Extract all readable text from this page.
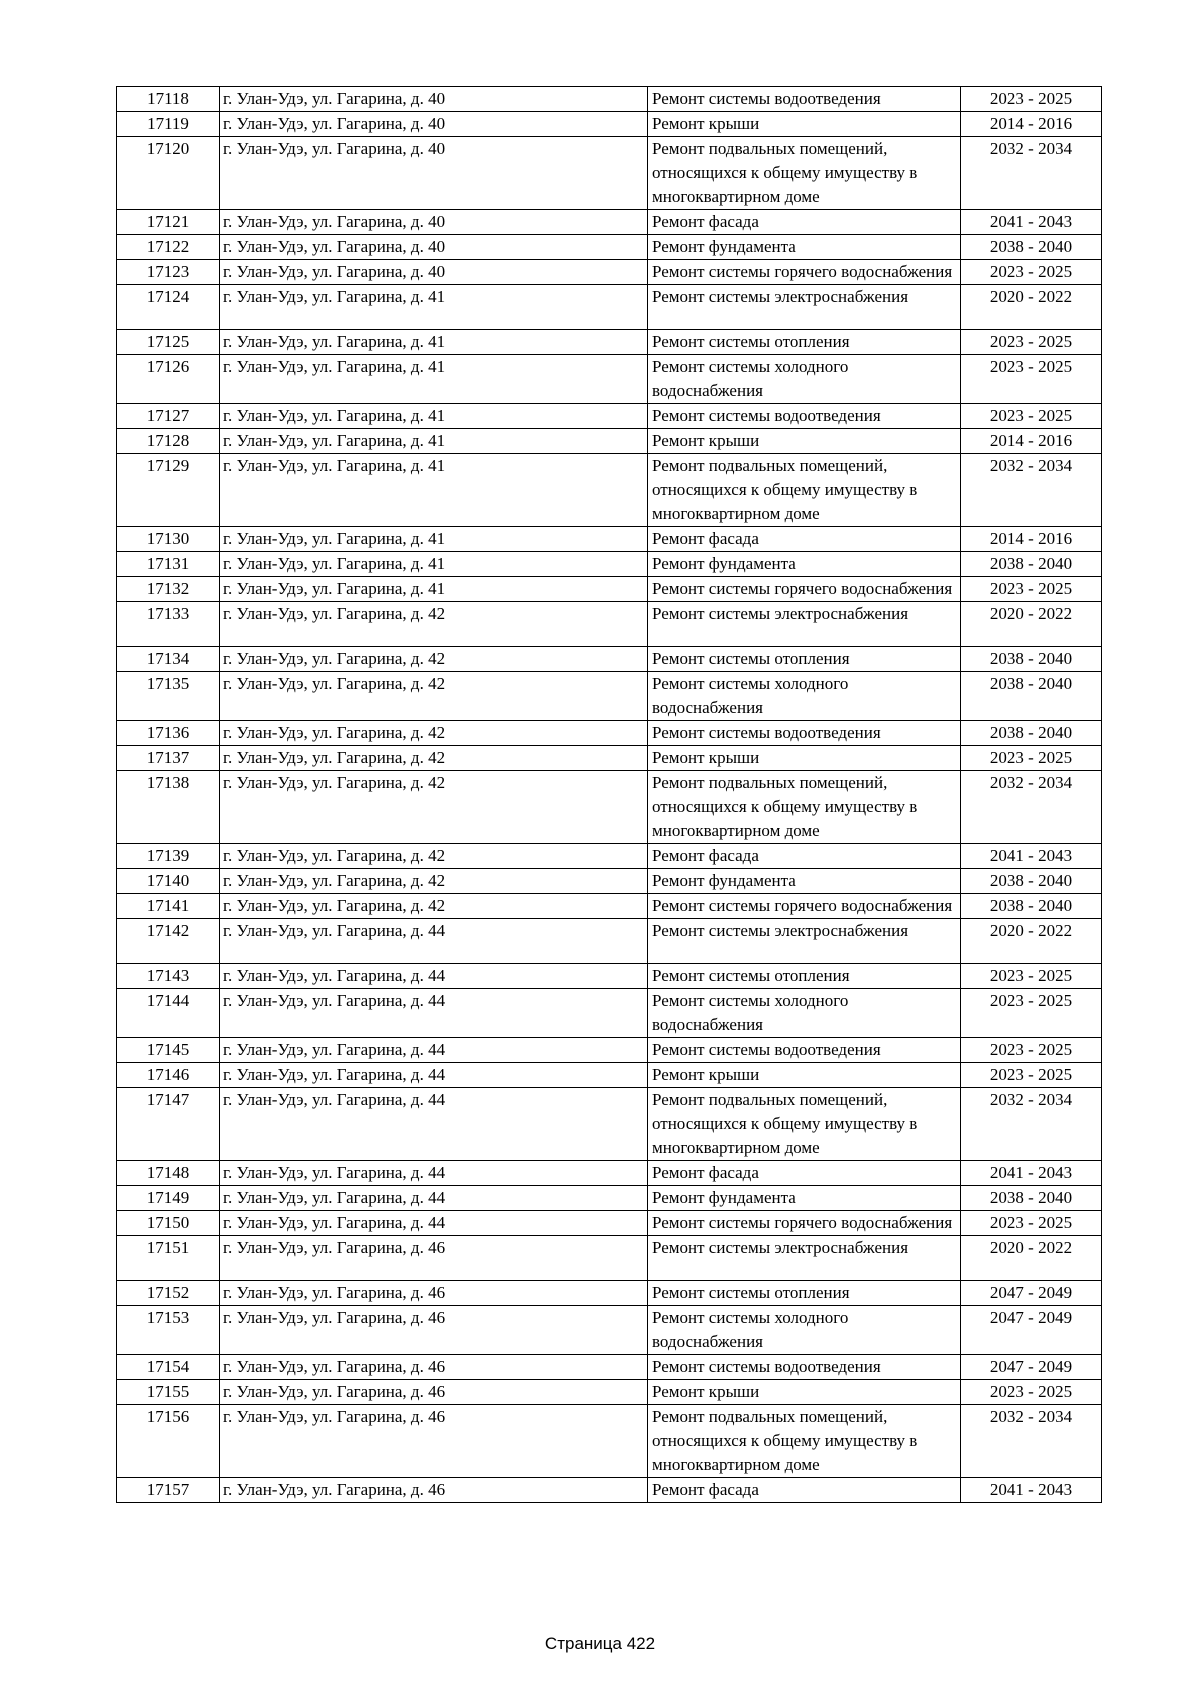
17118	г. Улан-Удэ, ул. Гагарина, д. 40	Ремонт системы водоотведения	2023 - 2025
17119	г. Улан-Удэ, ул. Гагарина, д. 40	Ремонт крыши	2014 - 2016
17120	г. Улан-Удэ, ул. Гагарина, д. 40	Ремонт подвальных помещений, относящихся к общему имуществу в многоквартирном доме	2032 - 2034
17121	г. Улан-Удэ, ул. Гагарина, д. 40	Ремонт фасада	2041 - 2043
17122	г. Улан-Удэ, ул. Гагарина, д. 40	Ремонт фундамента	2038 - 2040
17123	г. Улан-Удэ, ул. Гагарина, д. 40	Ремонт системы горячего водоснабжения	2023 - 2025
17124	г. Улан-Удэ, ул. Гагарина, д. 41	Ремонт системы электроснабжения	2020 - 2022
17125	г. Улан-Удэ, ул. Гагарина, д. 41	Ремонт системы отопления	2023 - 2025
17126	г. Улан-Удэ, ул. Гагарина, д. 41	Ремонт системы холодного водоснабжения	2023 - 2025
17127	г. Улан-Удэ, ул. Гагарина, д. 41	Ремонт системы водоотведения	2023 - 2025
17128	г. Улан-Удэ, ул. Гагарина, д. 41	Ремонт крыши	2014 - 2016
17129	г. Улан-Удэ, ул. Гагарина, д. 41	Ремонт подвальных помещений, относящихся к общему имуществу в многоквартирном доме	2032 - 2034
17130	г. Улан-Удэ, ул. Гагарина, д. 41	Ремонт фасада	2014 - 2016
17131	г. Улан-Удэ, ул. Гагарина, д. 41	Ремонт фундамента	2038 - 2040
17132	г. Улан-Удэ, ул. Гагарина, д. 41	Ремонт системы горячего водоснабжения	2023 - 2025
17133	г. Улан-Удэ, ул. Гагарина, д. 42	Ремонт системы электроснабжения	2020 - 2022
17134	г. Улан-Удэ, ул. Гагарина, д. 42	Ремонт системы отопления	2038 - 2040
17135	г. Улан-Удэ, ул. Гагарина, д. 42	Ремонт системы холодного водоснабжения	2038 - 2040
17136	г. Улан-Удэ, ул. Гагарина, д. 42	Ремонт системы водоотведения	2038 - 2040
17137	г. Улан-Удэ, ул. Гагарина, д. 42	Ремонт крыши	2023 - 2025
17138	г. Улан-Удэ, ул. Гагарина, д. 42	Ремонт подвальных помещений, относящихся к общему имуществу в многоквартирном доме	2032 - 2034
17139	г. Улан-Удэ, ул. Гагарина, д. 42	Ремонт фасада	2041 - 2043
17140	г. Улан-Удэ, ул. Гагарина, д. 42	Ремонт фундамента	2038 - 2040
17141	г. Улан-Удэ, ул. Гагарина, д. 42	Ремонт системы горячего водоснабжения	2038 - 2040
17142	г. Улан-Удэ, ул. Гагарина, д. 44	Ремонт системы электроснабжения	2020 - 2022
17143	г. Улан-Удэ, ул. Гагарина, д. 44	Ремонт системы отопления	2023 - 2025
17144	г. Улан-Удэ, ул. Гагарина, д. 44	Ремонт системы холодного водоснабжения	2023 - 2025
17145	г. Улан-Удэ, ул. Гагарина, д. 44	Ремонт системы водоотведения	2023 - 2025
17146	г. Улан-Удэ, ул. Гагарина, д. 44	Ремонт крыши	2023 - 2025
17147	г. Улан-Удэ, ул. Гагарина, д. 44	Ремонт подвальных помещений, относящихся к общему имуществу в многоквартирном доме	2032 - 2034
17148	г. Улан-Удэ, ул. Гагарина, д. 44	Ремонт фасада	2041 - 2043
17149	г. Улан-Удэ, ул. Гагарина, д. 44	Ремонт фундамента	2038 - 2040
17150	г. Улан-Удэ, ул. Гагарина, д. 44	Ремонт системы горячего водоснабжения	2023 - 2025
17151	г. Улан-Удэ, ул. Гагарина, д. 46	Ремонт системы электроснабжения	2020 - 2022
17152	г. Улан-Удэ, ул. Гагарина, д. 46	Ремонт системы отопления	2047 - 2049
17153	г. Улан-Удэ, ул. Гагарина, д. 46	Ремонт системы холодного водоснабжения	2047 - 2049
17154	г. Улан-Удэ, ул. Гагарина, д. 46	Ремонт системы водоотведения	2047 - 2049
17155	г. Улан-Удэ, ул. Гагарина, д. 46	Ремонт крыши	2023 - 2025
17156	г. Улан-Удэ, ул. Гагарина, д. 46	Ремонт подвальных помещений, относящихся к общему имуществу в многоквартирном доме	2032 - 2034
17157	г. Улан-Удэ, ул. Гагарина, д. 46	Ремонт фасада	2041 - 2043
Страница 422
